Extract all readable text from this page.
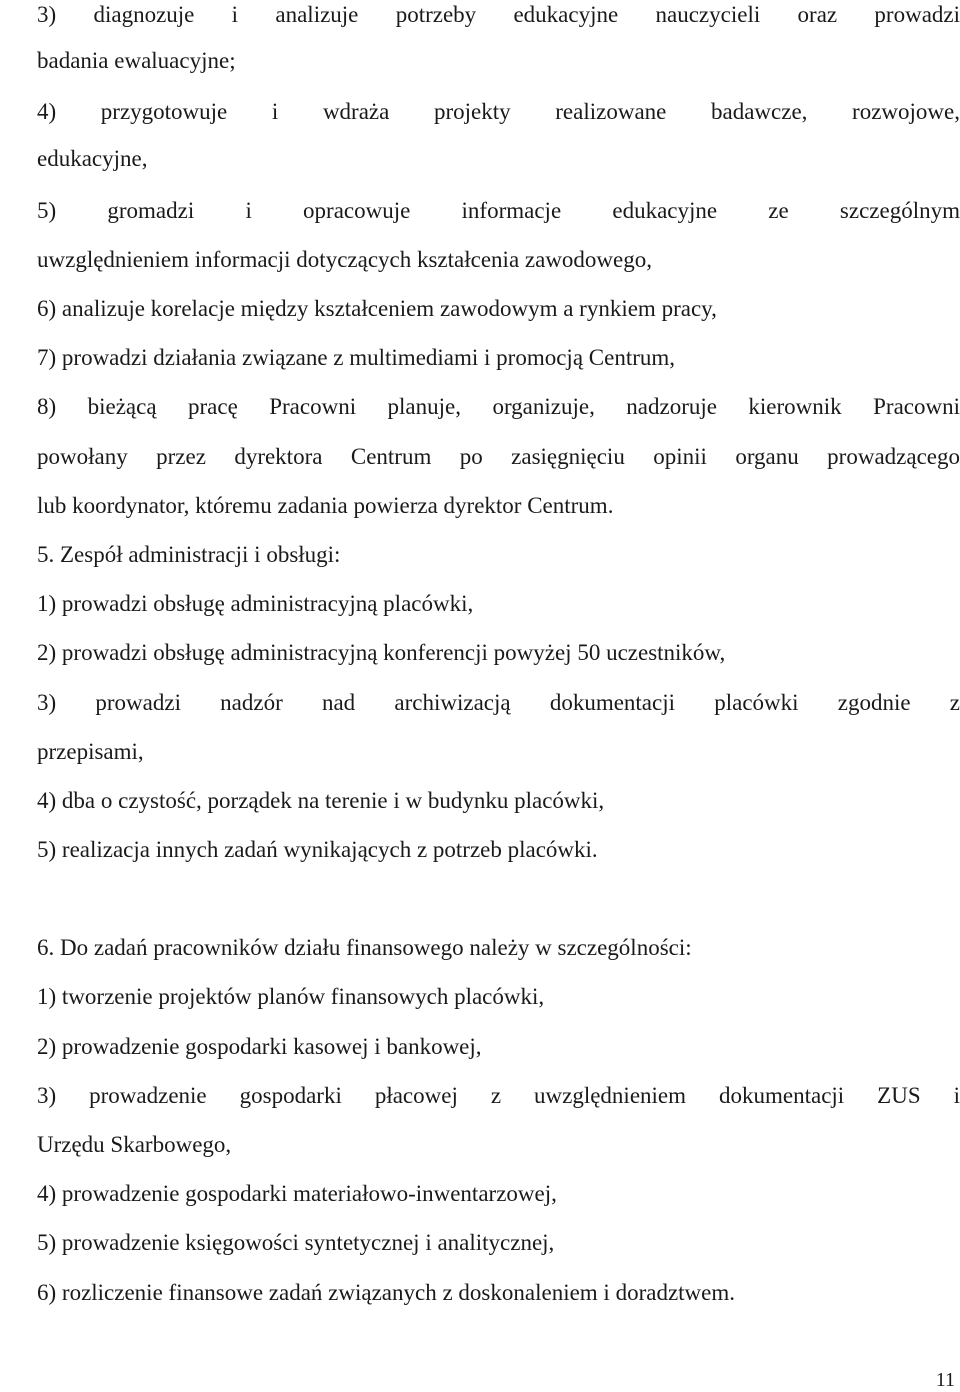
3) diagnozuje i analizuje potrzeby edukacyjne nauczycieli oraz prowadzi
badania ewaluacyjne;
4) przygotowuje i wdraża projekty realizowane badawcze, rozwojowe,
edukacyjne,
5) gromadzi i opracowuje informacje edukacyjne ze szczególnym
uwzględnieniem informacji dotyczących kształcenia zawodowego,
6) analizuje korelacje między kształceniem zawodowym a rynkiem pracy,
7) prowadzi działania związane z multimediami i promocją Centrum,
8) bieżącą pracę Pracowni planuje, organizuje, nadzoruje kierownik Pracowni
powołany przez dyrektora Centrum po zasięgnięciu opinii organu prowadzącego
lub koordynator, któremu zadania powierza dyrektor Centrum.
5. Zespół administracji i obsługi:
1) prowadzi obsługę administracyjną placówki,
2) prowadzi obsługę administracyjną konferencji powyżej 50 uczestników,
3) prowadzi nadzór nad archiwizacją dokumentacji placówki zgodnie z
przepisami,
4) dba o czystość, porządek na terenie i w budynku placówki,
5) realizacja innych zadań wynikających z potrzeb placówki.
6. Do zadań pracowników działu finansowego należy w szczególności:
1) tworzenie projektów planów finansowych placówki,
2) prowadzenie gospodarki kasowej i bankowej,
3) prowadzenie gospodarki płacowej z uwzględnieniem dokumentacji ZUS i
Urzędu Skarbowego,
4) prowadzenie gospodarki materiałowo-inwentarzowej,
5) prowadzenie księgowości syntetycznej i analitycznej,
6) rozliczenie finansowe zadań związanych z doskonaleniem i doradztwem.
11
